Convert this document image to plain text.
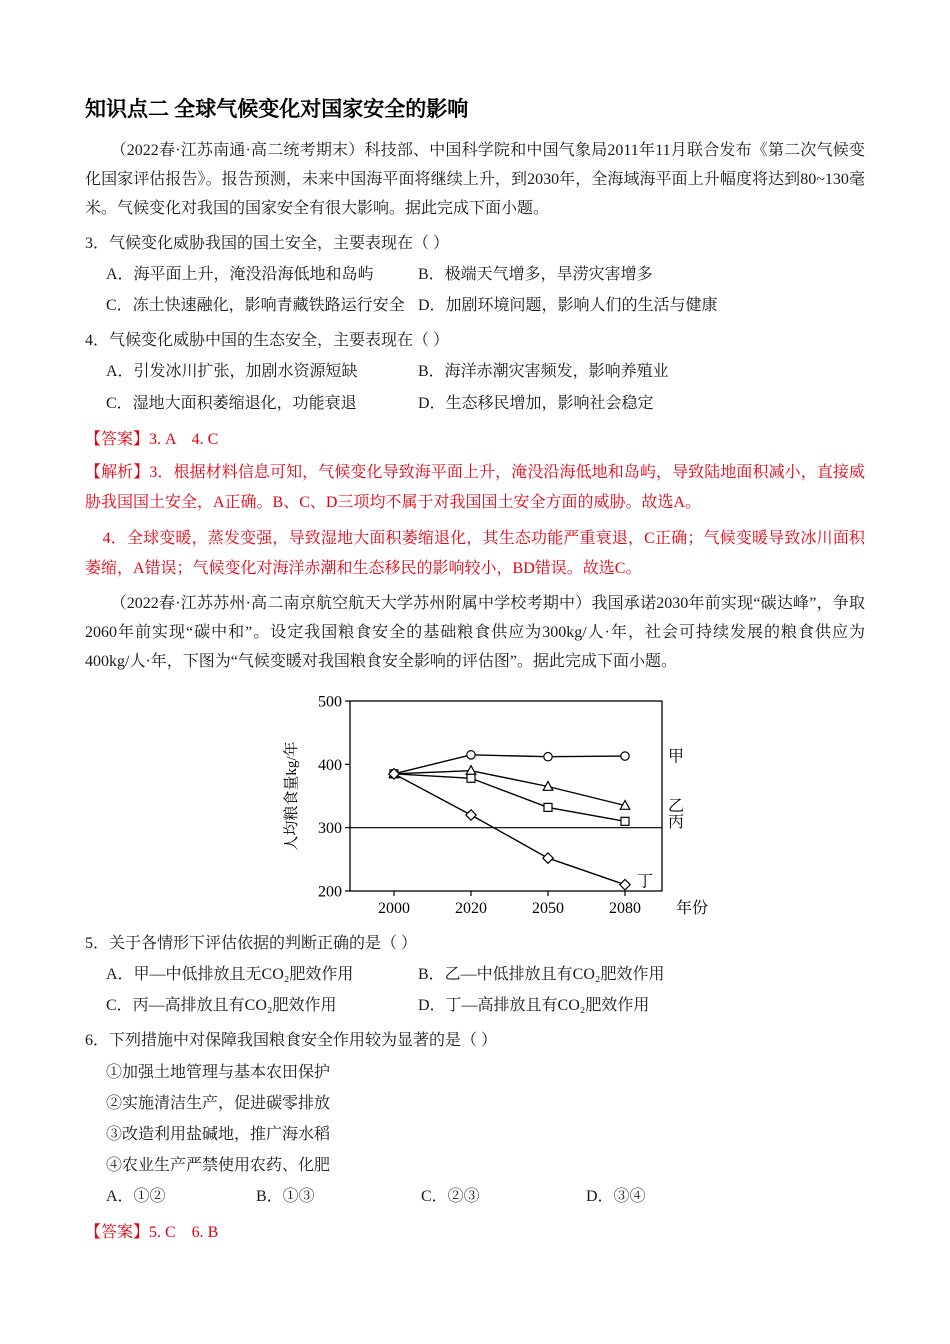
知识点二 全球气候变化对国家安全的影响

（2022春·江苏南通·高二统考期末）科技部、中国科学院和中国气象局2011年11月联合发布《第二次气候变化国家评估报告》。报告预测，未来中国海平面将继续上升，到2030年，全海域海平面上升幅度将达到80~130毫米。气候变化对我国的国家安全有很大影响。据此完成下面小题。

3．气候变化威胁我国的国土安全，主要表现在（ ）

A．海平面上升，淹没沿海低地和岛屿	B．极端天气增多，旱涝灾害增多
C．冻土快速融化，影响青藏铁路运行安全 D．加剧环境问题，影响人们的生活与健康

4．气候变化威胁中国的生态安全，主要表现在（ ）

A．引发冰川扩张，加剧水资源短缺	B．海洋赤潮灾害频发，影响养殖业
C．湿地大面积萎缩退化，功能衰退	D．生态移民增加，影响社会稳定

【答案】3. A　4. C

【解析】3．根据材料信息可知，气候变化导致海平面上升，淹没沿海低地和岛屿，导致陆地面积减小，直接威胁我国国土安全，A正确。B、C、D三项均不属于对我国国土安全方面的威胁。故选A。

4．全球变暖，蒸发变强，导致湿地大面积萎缩退化，其生态功能严重衰退，C正确；气候变暖导致冰川面积萎缩，A错误；气候变化对海洋赤潮和生态移民的影响较小，BD错误。故选C。

（2022春·江苏苏州·高二南京航空航天大学苏州附属中学校考期中）我国承诺2030年前实现“碳达峰”，争取2060年前实现“碳中和”。设定我国粮食安全的基础粮食供应为300kg/人·年，社会可持续发展的粮食供应为400kg/人·年，下图为“气候变暖对我国粮食安全影响的评估图”。据此完成下面小题。

200
300
400
500
2000	2020	2050	2080
人均粮食量kg/年
年份
甲
乙
丙
丁

5．关于各情形下评估依据的判断正确的是（ ）

A．甲—中低排放且无CO₂肥效作用	B．乙—中低排放且有CO₂肥效作用
C．丙—高排放且有CO₂肥效作用	D．丁—高排放且有CO₂肥效作用

6．下列措施中对保障我国粮食安全作用较为显著的是（ ）

①加强土地管理与基本农田保护

②实施清洁生产，促进碳零排放

③改造利用盐碱地，推广海水稻

④农业生产严禁使用农药、化肥

A．①②	B．①③	C．②③	D．③④

【答案】5. C　6. B
